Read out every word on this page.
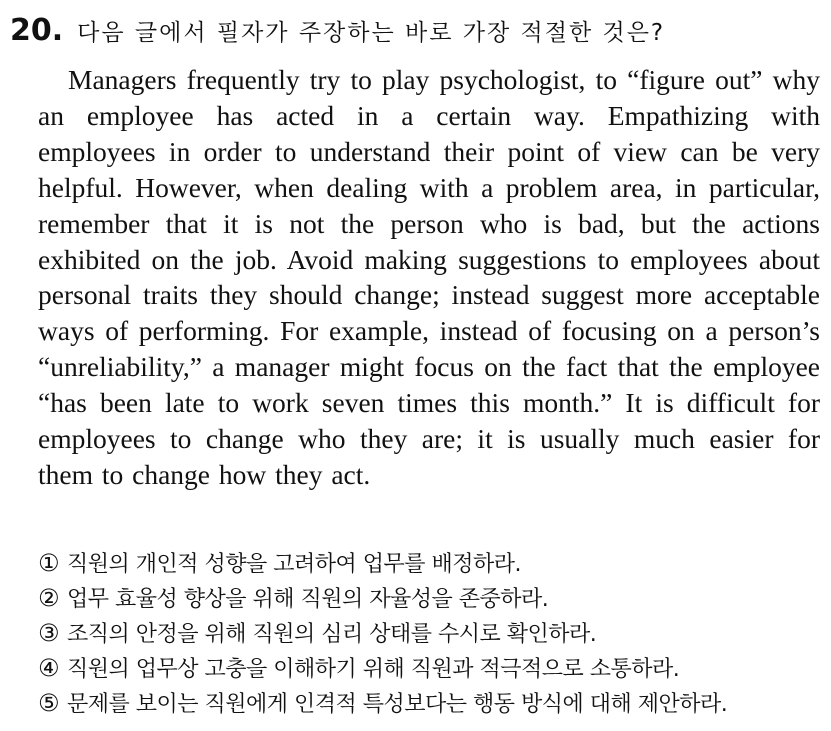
20. 다음 글에서 필자가 주장하는 바로 가장 적절한 것은?

Managers frequently try to play psychologist, to “figure out” why an employee has acted in a certain way. Empathizing with employees in order to understand their point of view can be very helpful. However, when dealing with a problem area, in particular, remember that it is not the person who is bad, but the actions exhibited on the job. Avoid making suggestions to employees about personal traits they should change; instead suggest more acceptable ways of performing. For example, instead of focusing on a person’s “unreliability,” a manager might focus on the fact that the employee “has been late to work seven times this month.” It is difficult for employees to change who they are; it is usually much easier for them to change how they act.

① 직원의 개인적 성향을 고려하여 업무를 배정하라.
② 업무 효율성 향상을 위해 직원의 자율성을 존중하라.
③ 조직의 안정을 위해 직원의 심리 상태를 수시로 확인하라.
④ 직원의 업무상 고충을 이해하기 위해 직원과 적극적으로 소통하라.
⑤ 문제를 보이는 직원에게 인격적 특성보다는 행동 방식에 대해 제안하라.
